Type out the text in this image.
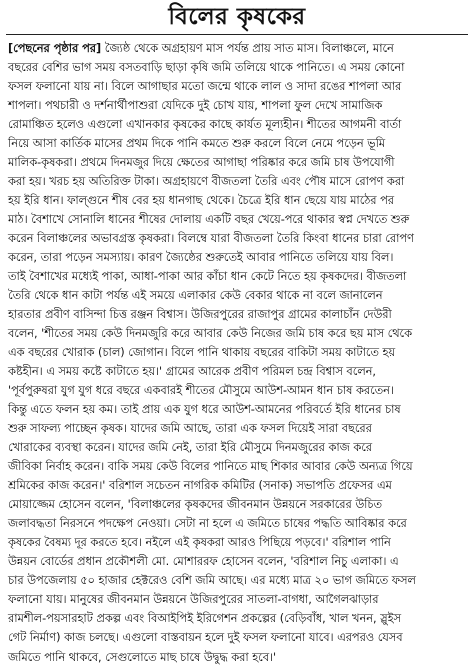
বিলের কৃষকের
[পেছনের পৃষ্ঠার পর] জ্যৈষ্ঠ থেকে অগ্রহায়ণ মাস পর্যন্ত প্রায় সাত মাস। বিলাঞ্চলে, মানে
বছরের বেশির ভাগ সময় বসতবাড়ি ছাড়া কৃষি জমি তলিয়ে থাকে পানিতে। এ সময় কোনো
ফসল ফলানো যায় না। বিলে আগাছার মতো জন্মে থাকে লাল ও সাদা রঙের শাপলা আর
শাপলা। পথচারী ও দর্শনার্থীপাশুরা যেদিকে দুই চোখ যায়, শাপলা ফুল দেখে সামাজিক
রোমাঞ্চিত হলেও এগুলো এখানকার কৃষকের কাছে কার্যত মূল্যহীন। শীতের আগমনী বার্তা
নিয়ে আসা কার্তিক মাসের প্রথম দিকে পানি কমতে শুরু করলে বিলে নেমে পড়েন ভূমি
মালিক-কৃষকরা। প্রথমে দিনমজুর দিয়ে ক্ষেতের আগাছা পরিষ্কার করে জমি চাষ উপযোগী
করা হয়। খরচ হয় অতিরিক্ত টাকা। অগ্রহায়ণে বীজতলা তৈরি এবং পৌষ মাসে রোপণ করা
হয় ইরি ধান। ফাল্গুনে শীষ বের হয় ধানগাছ থেকে। চৈত্রে ইরি ধান ছেয়ে যায় মাঠের পর
মাঠ। বৈশাখে সোনালি ধানের শীষের দোলায় একটি বছর খেয়ে-পরে থাকার স্বপ্ন দেখতে শুরু
করেন বিলাঞ্চলের অভাবগ্রস্ত কৃষকরা। বিলম্বে যারা বীজতলা তৈরি কিংবা ধানের চারা রোপণ
করেন, তারা পড়েন সমস্যায়। কারণ জ্যৈষ্ঠের শুরুতেই আবার পানিতে তলিয়ে যায় বিল।
তাই বৈশাখের মধ্যেই পাকা, আধা-পাকা আর কাঁচা ধান কেটে নিতে হয় কৃষকদের। বীজতলা
তৈরি থেকে ধান কাটা পর্যন্ত এই সময়ে এলাকার কেউ বেকার থাকে না বলে জানালেন
হারতার প্রবীণ বাসিন্দা চিত্ত রঞ্জন বিশ্বাস। উজিরপুরের রাজাপুর গ্রামের কালাচাঁন দেউরী
বলেন, 'শীতের সময় কেউ দিনমজুরি করে আবার কেউ নিজের জমি চাষ করে ছয় মাস থেকে
এক বছরের খোরাক (চাল) জোগান। বিলে পানি থাকায় বছরের বাকিটা সময় কাটাতে হয়
কষ্টহীন। এ সময় কষ্টে কাটাতে হয়।' গ্রামের আরেক প্রবীণ পরিমল চন্দ্র বিশ্বাস বলেন,
'পূর্বপুরুষরা যুগ যুগ ধরে বছরে একবারই শীতের মৌসুমে আউশ-আমন ধান চাষ করতেন।
কিন্তু এতে ফলন হয় কম। তাই প্রায় এক যুগ ধরে আউশ-আমনের পরিবর্তে ইরি ধানের চাষ
শুরু সাফল্য পাচ্ছেন কৃষক। যাদের জমি আছে, তারা এক ফসল দিয়েই সারা বছরের
খোরাকের ব্যবস্থা করেন। যাদের জমি নেই, তারা ইরি মৌসুমে দিনমজুরের কাজ করে
জীবিকা নির্বাহ করেন। বাকি সময় কেউ বিলের পানিতে মাছ শিকার আবার কেউ অন্যত্র গিয়ে
শ্রমিকের কাজ করেন।' বরিশাল সচেতন নাগরিক কমিটির (সনাক) সভাপতি প্রফেসর এম
মোয়াজ্জেম হোসেন বলেন, 'বিলাঞ্চলের কৃষকদের জীবনমান উন্নয়নে সরকারের উচিত
জলাবদ্ধতা নিরসনে পদক্ষেপ নেওয়া। সেটা না হলে এ জমিতে চাষের পদ্ধতি আবিষ্কার করে
কৃষকের বৈষম্য দূর করতে হবে। নইলে এই কৃষকরা আরও পিছিয়ে পড়বে।' বরিশাল পানি
উন্নয়ন বোর্ডের প্রধান প্রকৌশলী মো. মোশাররফ হোসেন বলেন, 'বরিশাল নিচু এলাকা। এ
চার উপজেলায় ৫০ হাজার হেক্টরেও বেশি জমি আছে। এর মধ্যে মাত্র ২০ ভাগ জমিতে ফসল
ফলানো যায়। মানুষের জীবনমান উন্নয়নে উজিরপুরের সাতলা-বাগধা, আগৈলঝাড়ার
রামশীল-পয়সারহাট প্রকল্প এবং বিআইপিই ইরিগেশন প্রকল্পের (বেড়িবাঁধ, খাল খনন, স্লুইস
গেট নির্মাণ) কাজ চলছে। এগুলো বাস্তবায়ন হলে দুই ফসল ফলানো যাবে। এরপরও যেসব
জমিতে পানি থাকবে, সেগুলোতে মাছ চাষে উদ্বুদ্ধ করা হবে।'
